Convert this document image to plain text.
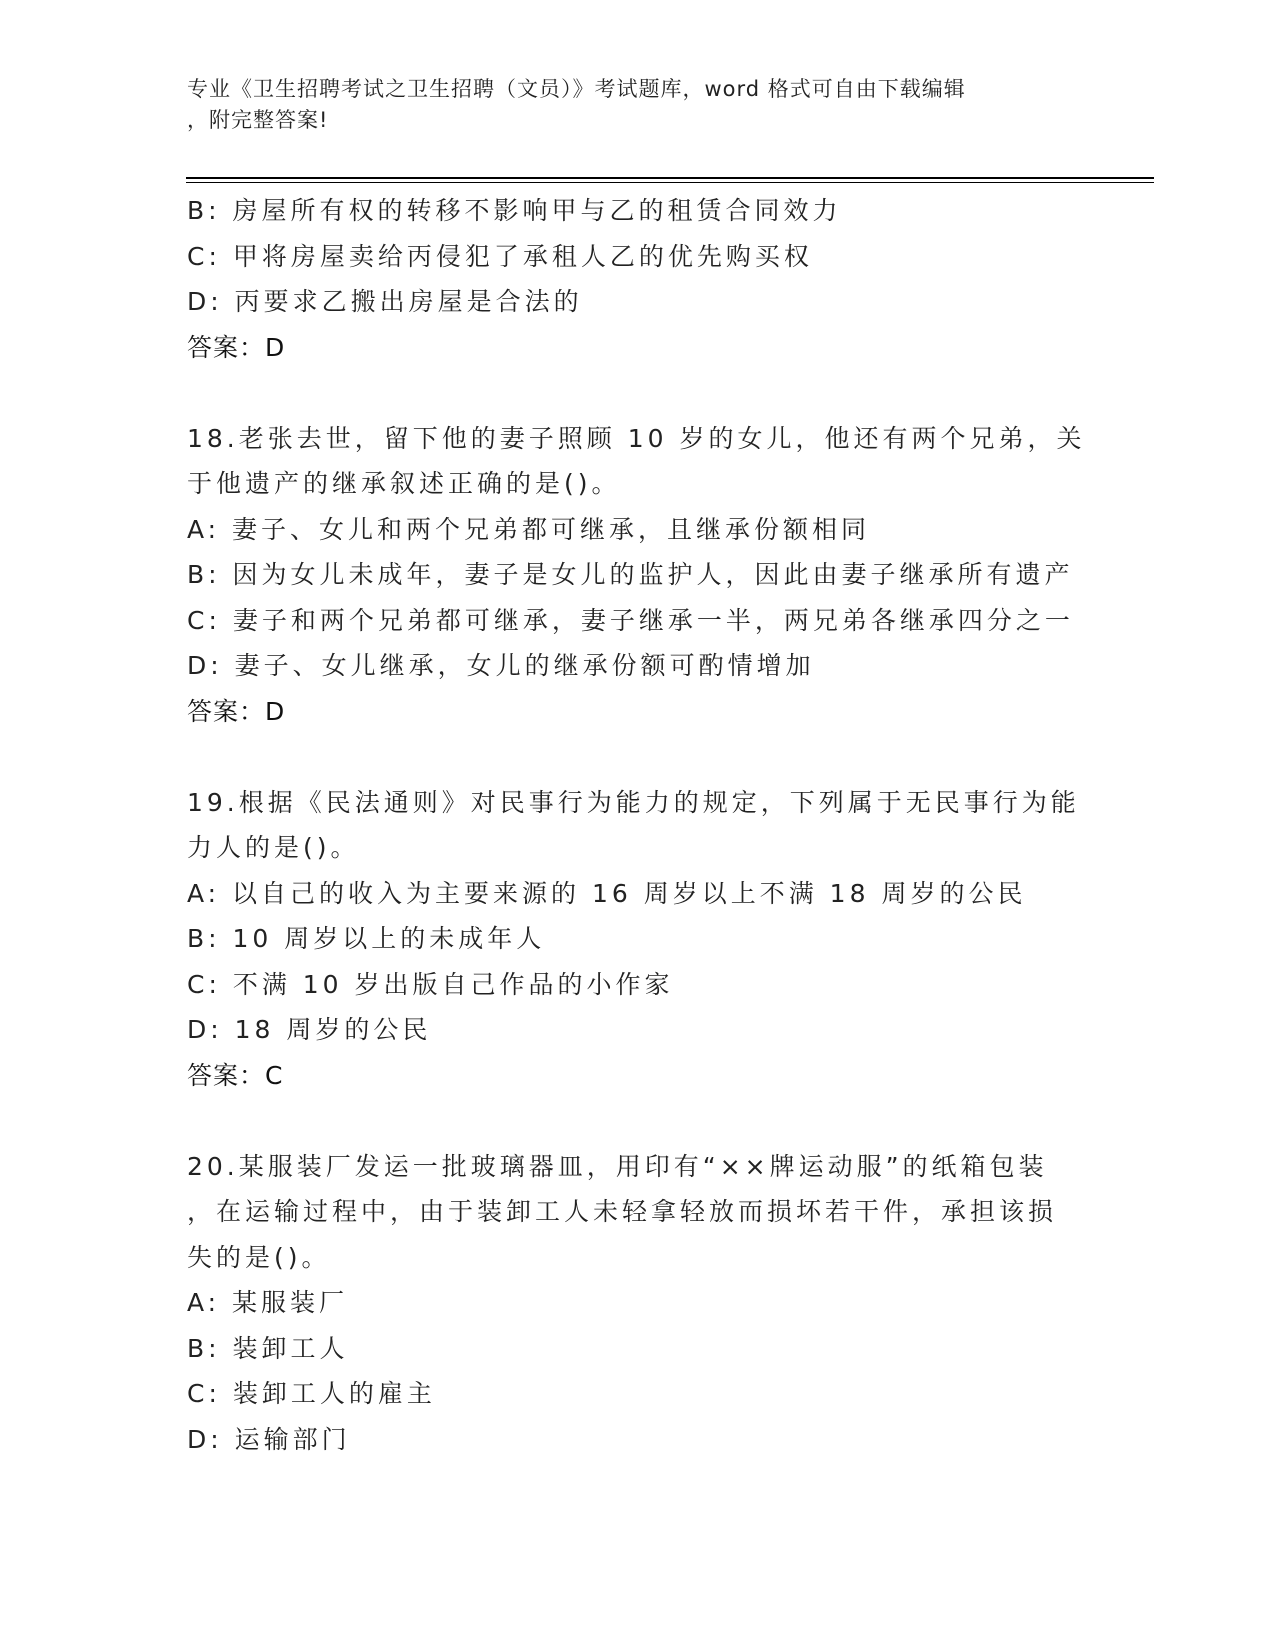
专业《卫生招聘考试之卫生招聘（文员）》考试题库，word 格式可自由下载编辑
，附完整答案!
B: 房屋所有权的转移不影响甲与乙的租赁合同效力
C: 甲将房屋卖给丙侵犯了承租人乙的优先购买权
D: 丙要求乙搬出房屋是合法的
答案：D
18.老张去世，留下他的妻子照顾 10 岁的女儿，他还有两个兄弟，关
于他遗产的继承叙述正确的是()。
A: 妻子、女儿和两个兄弟都可继承，且继承份额相同
B: 因为女儿未成年，妻子是女儿的监护人，因此由妻子继承所有遗产
C: 妻子和两个兄弟都可继承，妻子继承一半，两兄弟各继承四分之一
D: 妻子、女儿继承，女儿的继承份额可酌情增加
答案：D
19.根据《民法通则》对民事行为能力的规定，下列属于无民事行为能
力人的是()。
A: 以自己的收入为主要来源的 16 周岁以上不满 18 周岁的公民
B: 10 周岁以上的未成年人
C: 不满 10 岁出版自己作品的小作家
D: 18 周岁的公民
答案：C
20.某服装厂发运一批玻璃器皿，用印有“××牌运动服”的纸箱包装
，在运输过程中，由于装卸工人未轻拿轻放而损坏若干件，承担该损
失的是()。
A: 某服装厂
B: 装卸工人
C: 装卸工人的雇主
D: 运输部门
